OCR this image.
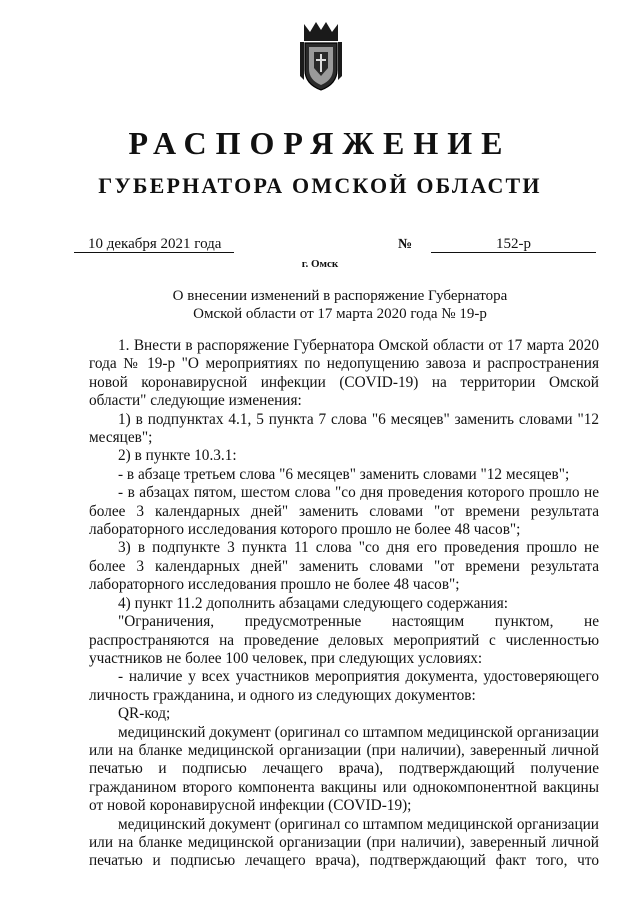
РАСПОРЯЖЕНИЕ
ГУБЕРНАТОРА ОМСКОЙ ОБЛАСТИ
10 декабря 2021 года	№	152-р
г. Омск
О внесении изменений в распоряжение Губернатора
Омской области от 17 марта 2020 года № 19-р

1. Внести в распоряжение Губернатора Омской области от 17 марта 2020 года № 19-р "О мероприятиях по недопущению завоза и распространения новой коронавирусной инфекции (COVID-19) на территории Омской области" следующие изменения:

1) в подпунктах 4.1, 5 пункта 7 слова "6 месяцев" заменить словами "12 месяцев";

2) в пункте 10.3.1:

- в абзаце третьем слова "6 месяцев" заменить словами "12 месяцев";

- в абзацах пятом, шестом слова "со дня проведения которого прошло не более 3 календарных дней" заменить словами "от времени результата лабораторного исследования которого прошло не более 48 часов";

3) в подпункте 3 пункта 11 слова "со дня его проведения прошло не более 3 календарных дней" заменить словами "от времени результата лабораторного исследования прошло не более 48 часов";

4) пункт 11.2 дополнить абзацами следующего содержания:

"Ограничения, предусмотренные настоящим пунктом, не распространяются на проведение деловых мероприятий с численностью участников не более 100 человек, при следующих условиях:

- наличие у всех участников мероприятия документа, удостоверяющего личность гражданина, и одного из следующих документов:

QR-код;

медицинский документ (оригинал со штампом медицинской организации или на бланке медицинской организации (при наличии), заверенный личной печатью и подписью лечащего врача), подтверждающий получение гражданином второго компонента вакцины или однокомпонентной вакцины от новой коронавирусной инфекции (COVID-19);

медицинский документ (оригинал со штампом медицинской организации или на бланке медицинской организации (при наличии), заверенный личной печатью и подписью лечащего врача), подтверждающий факт того, что
